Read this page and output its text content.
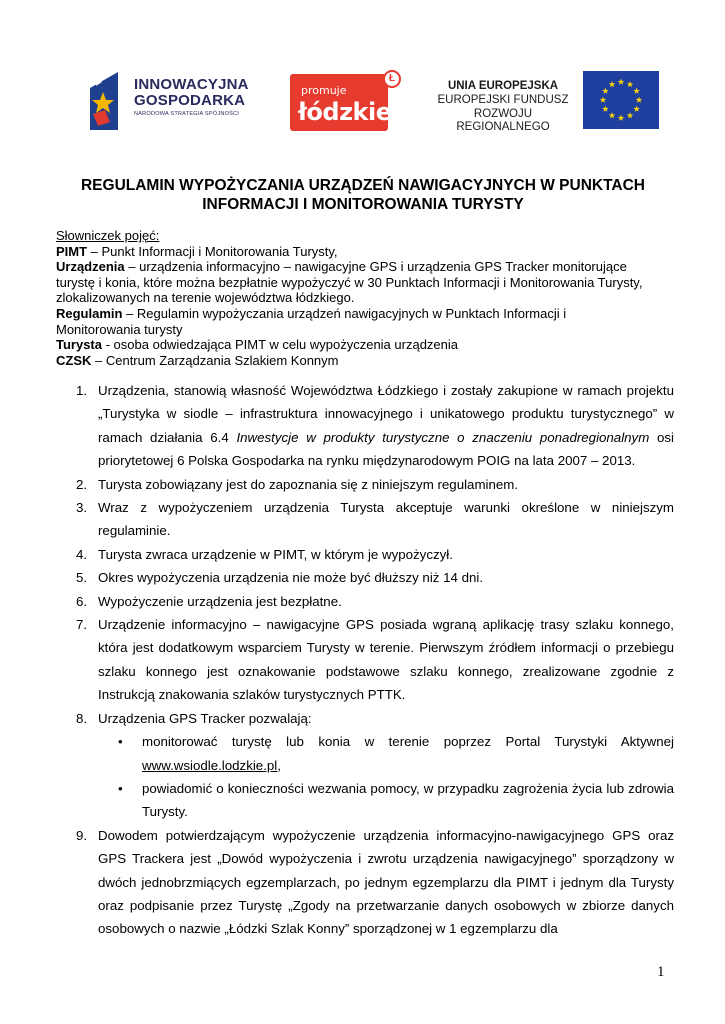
INNOWACYJNA
GOSPODARKA
NARODOWA STRATEGIA SPÓJNOŚCI
promuje
łódzkie
Ł
UNIA EUROPEJSKA
EUROPEJSKI FUNDUSZ
ROZWOJU REGIONALNEGO
REGULAMIN WYPOŻYCZANIA URZĄDZEŃ NAWIGACYJNYCH W PUNKTACH
INFORMACJI I MONITOROWANIA TURYSTY
Słowniczek pojęć:
PIMT – Punkt Informacji i Monitorowania Turysty,
Urządzenia – urządzenia informacyjno – nawigacyjne GPS i urządzenia GPS Tracker monitorujące
turystę i konia, które można bezpłatnie wypożyczyć w 30 Punktach Informacji i Monitorowania Turysty,
zlokalizowanych na terenie województwa łódzkiego.
Regulamin – Regulamin wypożyczania urządzeń nawigacyjnych w Punktach Informacji i
Monitorowania turysty
Turysta - osoba odwiedzająca PIMT w celu wypożyczenia urządzenia
CZSK – Centrum Zarządzania Szlakiem Konnym
1. Urządzenia, stanowią własność Województwa Łódzkiego i zostały zakupione w ramach projektu „Turystyka w siodle – infrastruktura innowacyjnego i unikatowego produktu turystycznego” w ramach działania 6.4 Inwestycje w produkty turystyczne o znaczeniu ponadregionalnym osi priorytetowej 6 Polska Gospodarka na rynku międzynarodowym POIG na lata 2007 – 2013.
2. Turysta zobowiązany jest do zapoznania się z niniejszym regulaminem.
3. Wraz z wypożyczeniem urządzenia Turysta akceptuje warunki określone w niniejszym regulaminie.
4. Turysta zwraca urządzenie w PIMT, w którym je wypożyczył.
5. Okres wypożyczenia urządzenia nie może być dłuższy niż 14 dni.
6. Wypożyczenie urządzenia jest bezpłatne.
7. Urządzenie informacyjno – nawigacyjne GPS posiada wgraną aplikację trasy szlaku konnego, która jest dodatkowym wsparciem Turysty w terenie. Pierwszym źródłem informacji o przebiegu szlaku konnego jest oznakowanie podstawowe szlaku konnego, zrealizowane zgodnie z Instrukcją znakowania szlaków turystycznych PTTK.
8. Urządzenia GPS Tracker pozwalają:
• monitorować turystę lub konia w terenie poprzez Portal Turystyki Aktywnej www.wsiodle.lodzkie.pl,
• powiadomić o konieczności wezwania pomocy, w przypadku zagrożenia życia lub zdrowia Turysty.
9. Dowodem potwierdzającym wypożyczenie urządzenia informacyjno-nawigacyjnego GPS oraz GPS Trackera jest „Dowód wypożyczenia i zwrotu urządzenia nawigacyjnego” sporządzony w dwóch jednobrzmiących egzemplarzach, po jednym egzemplarzu dla PIMT i jednym dla Turysty oraz podpisanie przez Turystę „Zgody na przetwarzanie danych osobowych w zbiorze danych osobowych o nazwie „Łódzki Szlak Konny” sporządzonej w 1 egzemplarzu dla
1
